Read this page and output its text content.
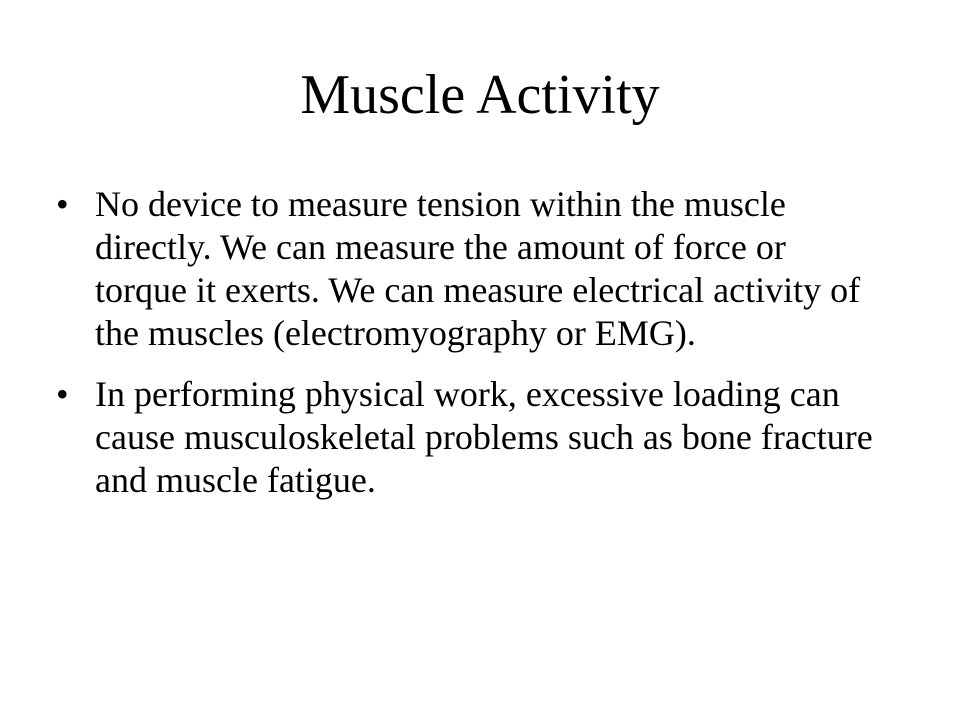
Muscle Activity
• No device to measure tension within the muscle directly. We can measure the amount of force or torque it exerts. We can measure electrical activity of the muscles (electromyography or EMG).
• In performing physical work, excessive loading can cause musculoskeletal problems such as bone fracture and muscle fatigue.
